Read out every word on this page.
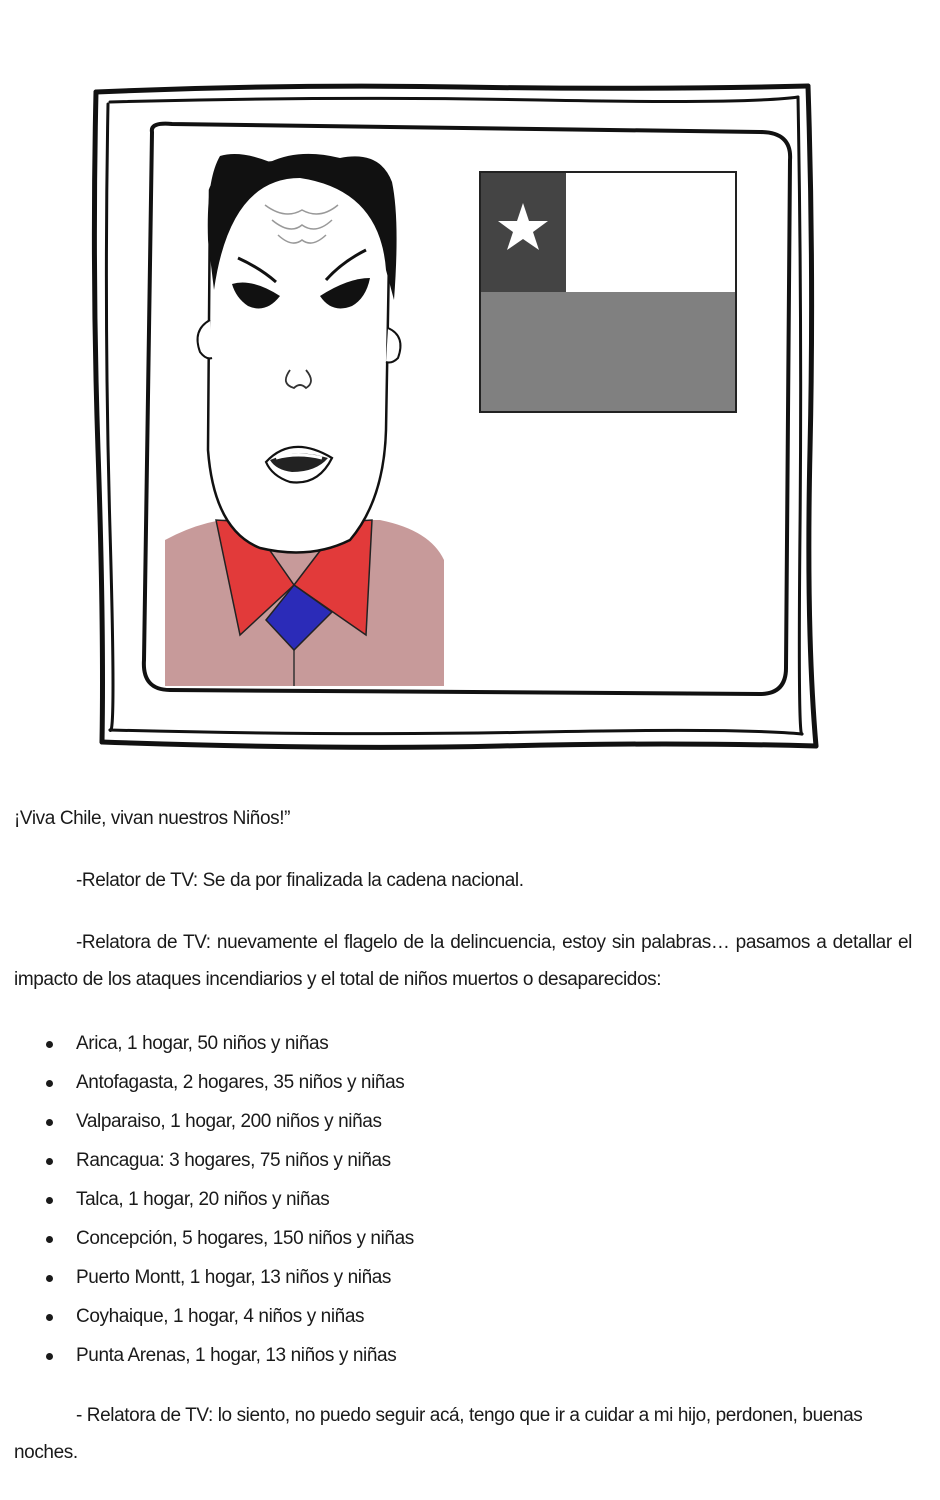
¡Viva Chile, vivan nuestros Niños!”

-Relator de TV: Se da por finalizada la cadena nacional.

-Relatora de TV: nuevamente el flagelo de la delincuencia, estoy sin palabras… pasamos a detallar el impacto de los ataques incendiarios y el total de niños muertos o desaparecidos:

Arica, 1 hogar, 50 niños y niñas
Antofagasta, 2 hogares, 35 niños y niñas
Valparaiso, 1 hogar, 200 niños y niñas
Rancagua: 3 hogares, 75 niños y niñas
Talca, 1 hogar, 20 niños y niñas
Concepción, 5 hogares, 150 niños y niñas
Puerto Montt, 1 hogar, 13 niños y niñas
Coyhaique, 1 hogar, 4 niños y niñas
Punta Arenas, 1 hogar, 13 niños y niñas

- Relatora de TV: lo siento, no puedo seguir acá, tengo que ir a cuidar a mi hijo, perdonen, buenas noches.
